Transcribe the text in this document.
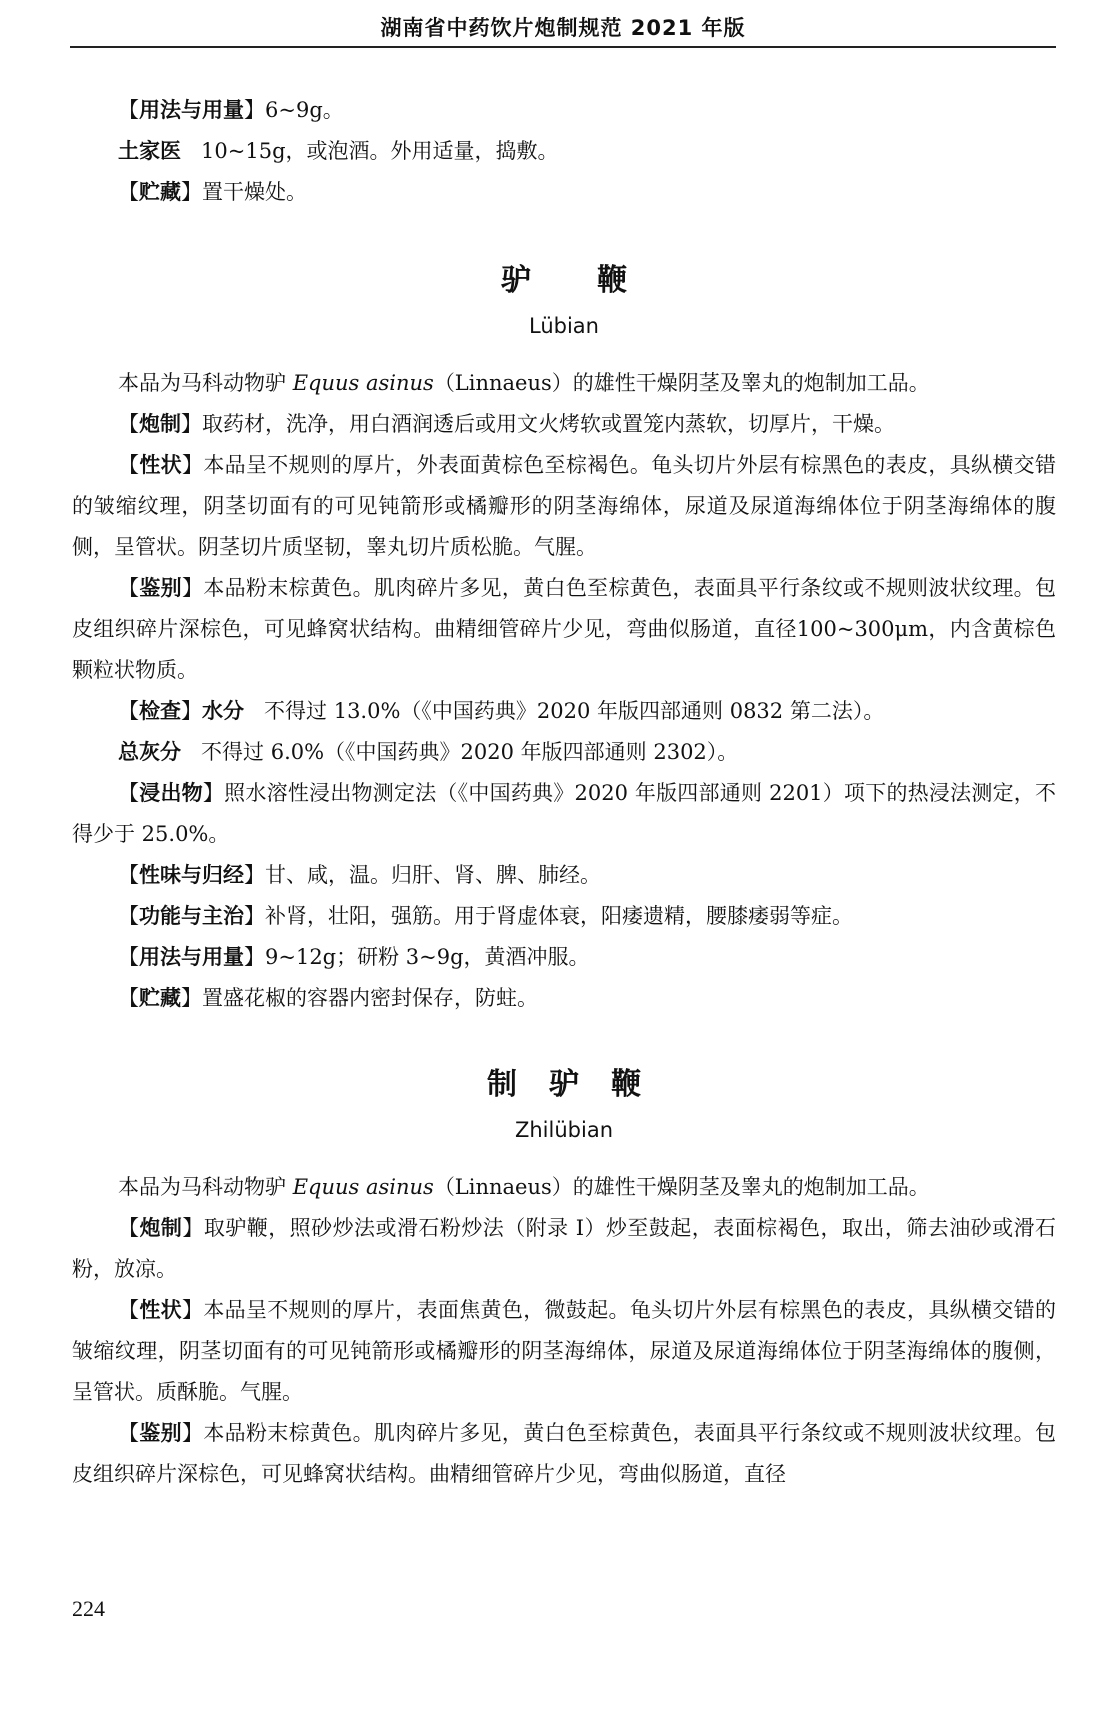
湖南省中药饮片炮制规范 2021 年版

【用法与用量】6~9g。

土家医 10~15g，或泡酒。外用适量，捣敷。

【贮藏】置干燥处。

驴 鞭
Lübian

本品为马科动物驴 Equus asinus（Linnaeus）的雄性干燥阴茎及睾丸的炮制加工品。

【炮制】取药材，洗净，用白酒润透后或用文火烤软或置笼内蒸软，切厚片，干燥。

【性状】本品呈不规则的厚片，外表面黄棕色至棕褐色。龟头切片外层有棕黑色的表皮，具纵横交错的皱缩纹理，阴茎切面有的可见钝箭形或橘瓣形的阴茎海绵体，尿道及尿道海绵体位于阴茎海绵体的腹侧，呈管状。阴茎切片质坚韧，睾丸切片质松脆。气腥。

【鉴别】本品粉末棕黄色。肌肉碎片多见，黄白色至棕黄色，表面具平行条纹或不规则波状纹理。包皮组织碎片深棕色，可见蜂窝状结构。曲精细管碎片少见，弯曲似肠道，直径100~300μm，内含黄棕色颗粒状物质。

【检查】水分 不得过 13.0%（《中国药典》2020 年版四部通则 0832 第二法）。

总灰分 不得过 6.0%（《中国药典》2020 年版四部通则 2302）。

【浸出物】照水溶性浸出物测定法（《中国药典》2020 年版四部通则 2201）项下的热浸法测定，不得少于 25.0%。

【性味与归经】甘、咸，温。归肝、肾、脾、肺经。

【功能与主治】补肾，壮阳，强筋。用于肾虚体衰，阳痿遗精，腰膝痿弱等症。

【用法与用量】9~12g；研粉 3~9g，黄酒冲服。

【贮藏】置盛花椒的容器内密封保存，防蛀。

制 驴 鞭
Zhilübian

本品为马科动物驴 Equus asinus（Linnaeus）的雄性干燥阴茎及睾丸的炮制加工品。

【炮制】取驴鞭，照砂炒法或滑石粉炒法（附录 I）炒至鼓起，表面棕褐色，取出，筛去油砂或滑石粉，放凉。

【性状】本品呈不规则的厚片，表面焦黄色，微鼓起。龟头切片外层有棕黑色的表皮，具纵横交错的皱缩纹理，阴茎切面有的可见钝箭形或橘瓣形的阴茎海绵体，尿道及尿道海绵体位于阴茎海绵体的腹侧，呈管状。质酥脆。气腥。

【鉴别】本品粉末棕黄色。肌肉碎片多见，黄白色至棕黄色，表面具平行条纹或不规则波状纹理。包皮组织碎片深棕色，可见蜂窝状结构。曲精细管碎片少见，弯曲似肠道，直径

224
